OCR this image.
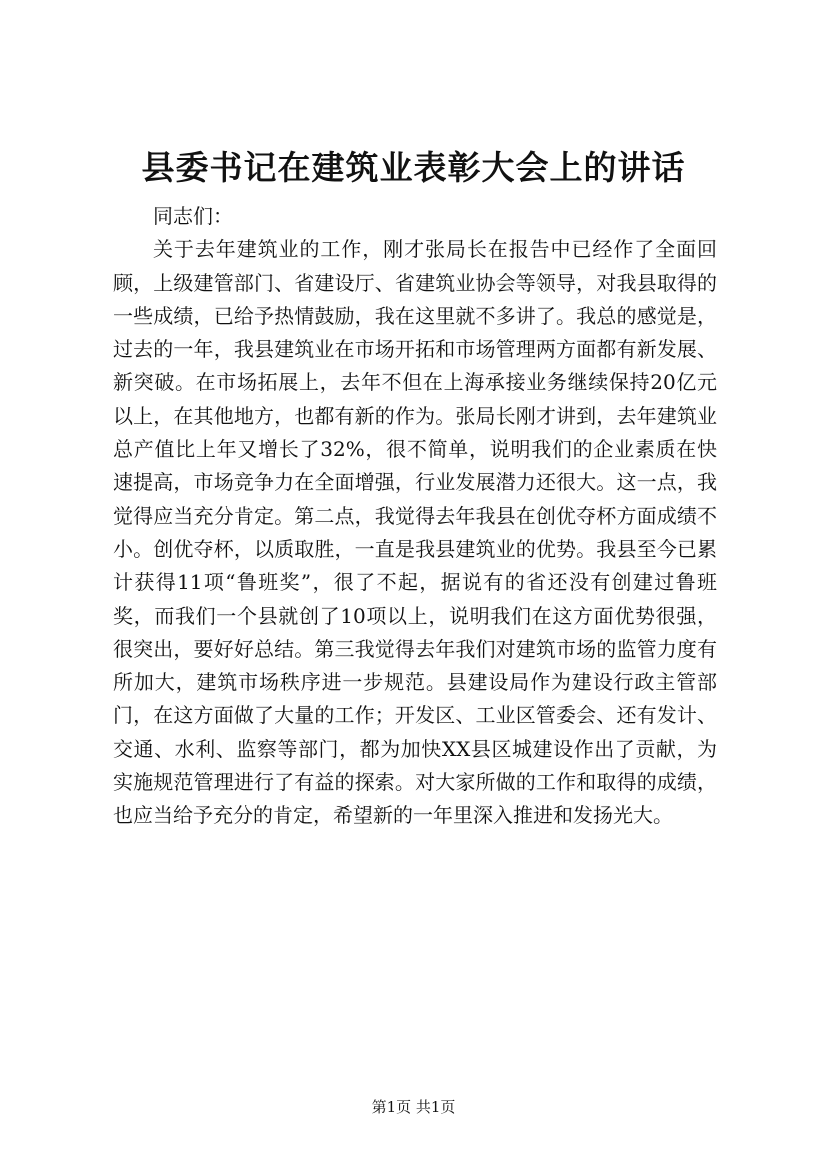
县委书记在建筑业表彰大会上的讲话

同志们：

关于去年建筑业的工作，刚才张局长在报告中已经作了全面回顾，上级建管部门、省建设厅、省建筑业协会等领导，对我县取得的一些成绩，已给予热情鼓励，我在这里就不多讲了。我总的感觉是，过去的一年，我县建筑业在市场开拓和市场管理两方面都有新发展、新突破。在市场拓展上，去年不但在上海承接业务继续保持20亿元以上，在其他地方，也都有新的作为。张局长刚才讲到，去年建筑业总产值比上年又增长了32%，很不简单，说明我们的企业素质在快速提高，市场竞争力在全面增强，行业发展潜力还很大。这一点，我觉得应当充分肯定。第二点，我觉得去年我县在创优夺杯方面成绩不小。创优夺杯，以质取胜，一直是我县建筑业的优势。我县至今已累计获得11项“鲁班奖”，很了不起，据说有的省还没有创建过鲁班奖，而我们一个县就创了10项以上，说明我们在这方面优势很强，很突出，要好好总结。第三我觉得去年我们对建筑市场的监管力度有所加大，建筑市场秩序进一步规范。县建设局作为建设行政主管部门，在这方面做了大量的工作；开发区、工业区管委会、还有发计、交通、水利、监察等部门，都为加快XX县区城建设作出了贡献，为实施规范管理进行了有益的探索。对大家所做的工作和取得的成绩，也应当给予充分的肯定，希望新的一年里深入推进和发扬光大。

第1页 共1页
